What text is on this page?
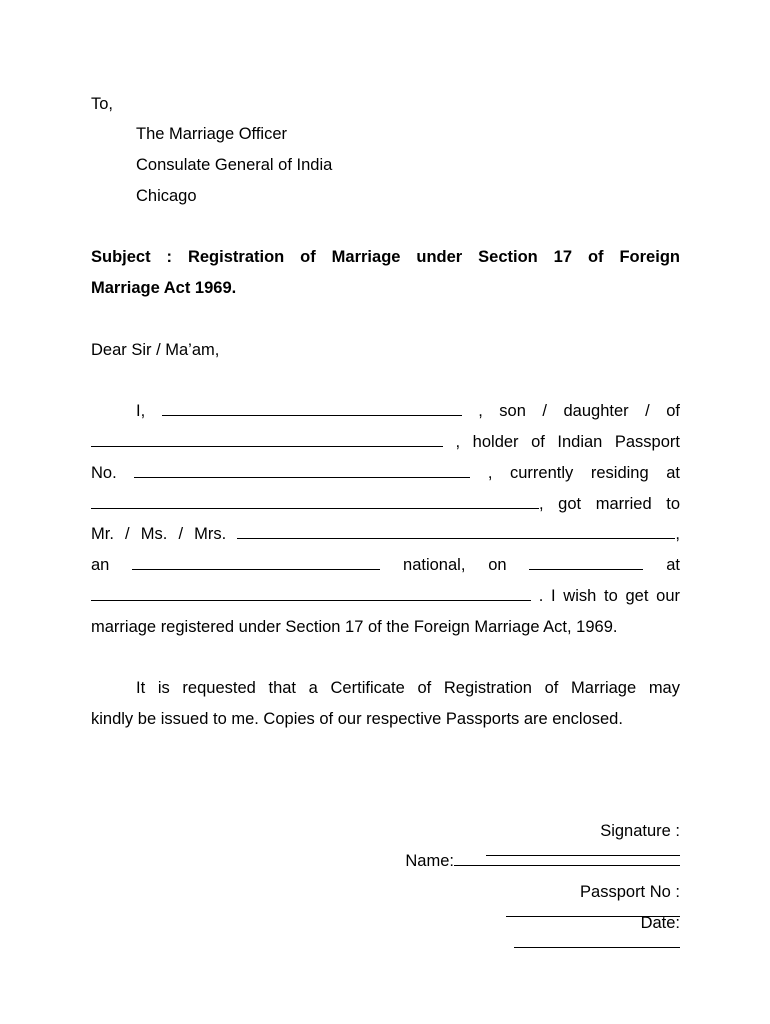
To,
The Marriage Officer
Consulate General of India
Chicago
Subject : Registration of Marriage under Section 17 of Foreign
Marriage Act 1969.
Dear Sir / Ma’am,
I,	, son / daughter / of
, holder of Indian Passport
No.	, currently residing at
, got married to
Mr. / Ms. / Mrs.	,
an	national, on	at
. I wish to get our
marriage registered under Section 17 of the Foreign Marriage Act, 1969.
It is requested that a Certificate of Registration of Marriage may
kindly be issued to me. Copies of our respective Passports are enclosed.

Signature :

Name:

Passport No :

Date:
